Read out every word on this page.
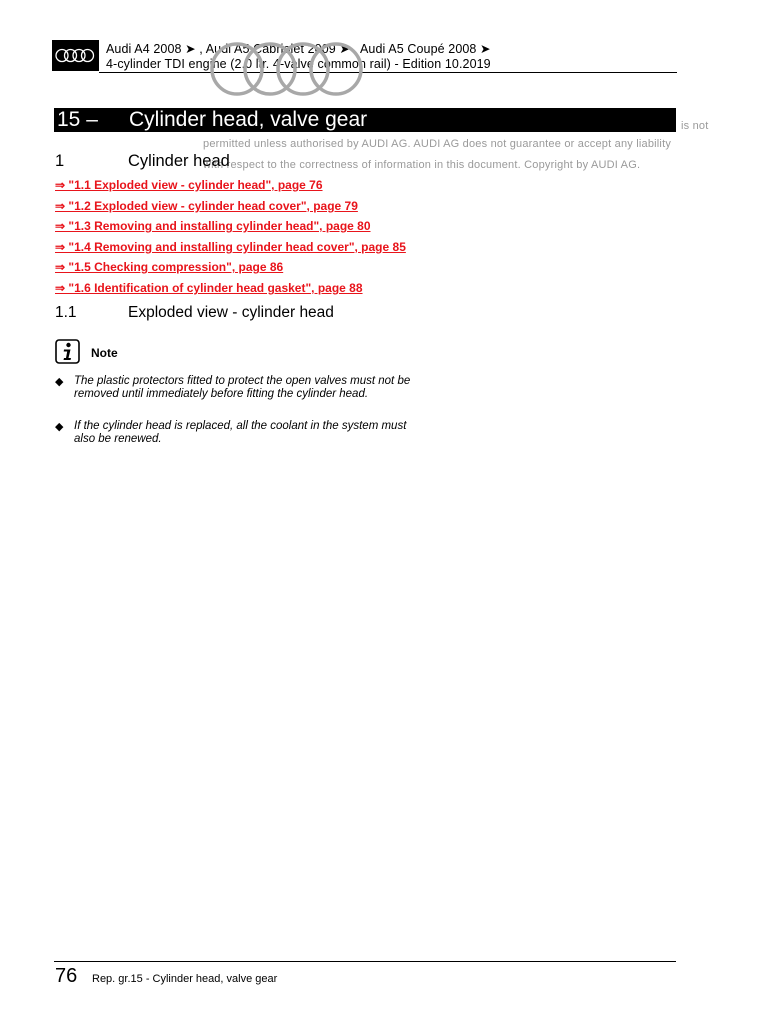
Audi A4 2008 ➤ , Audi A5 Cabriolet 2009 ➤ , Audi A5 Coupé 2008 ➤
4-cylinder TDI engine (2.0 ltr. 4-valve common rail) - Edition 10.2019
15 – Cylinder head, valve gear	is not
permitted unless authorised by AUDI AG. AUDI AG does not guarantee or accept any liability
with respect to the correctness of information in this document. Copyright by AUDI AG.
1	Cylinder head
⇒ "1.1 Exploded view - cylinder head", page 76
⇒ "1.2 Exploded view - cylinder head cover", page 79
⇒ "1.3 Removing and installing cylinder head", page 80
⇒ "1.4 Removing and installing cylinder head cover", page 85
⇒ "1.5 Checking compression", page 86
⇒ "1.6 Identification of cylinder head gasket", page 88
1.1	Exploded view - cylinder head
Note
◆ The plastic protectors fitted to protect the open valves must not be removed until immediately before fitting the cylinder head.
◆ If the cylinder head is replaced, all the coolant in the system must also be renewed.
76 Rep. gr.15 - Cylinder head, valve gear
